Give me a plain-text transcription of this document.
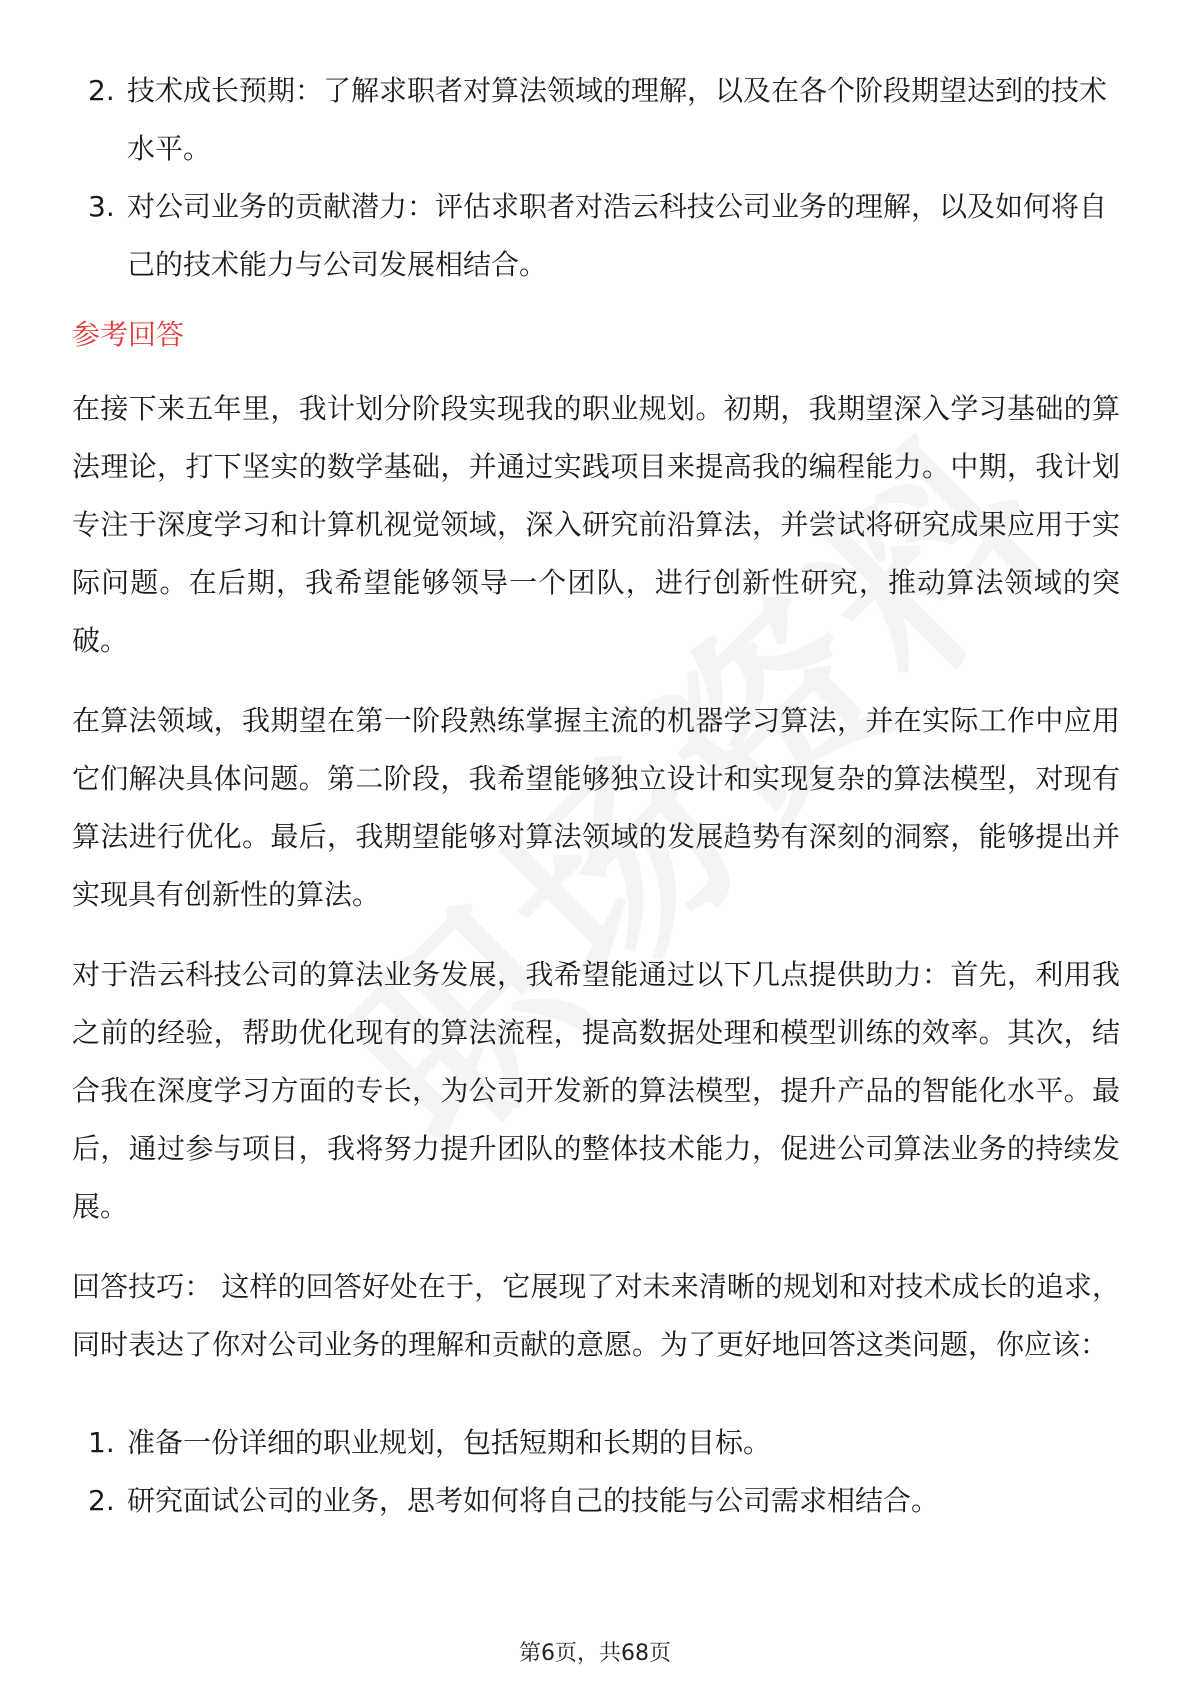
2. 技术成长预期：了解求职者对算法领域的理解，以及在各个阶段期望达到的技术水平。
3. 对公司业务的贡献潜力：评估求职者对浩云科技公司业务的理解，以及如何将自己的技术能力与公司发展相结合。
参考回答

在接下来五年里，我计划分阶段实现我的职业规划。初期，我期望深入学习基础的算法理论，打下坚实的数学基础，并通过实践项目来提高我的编程能力。中期，我计划专注于深度学习和计算机视觉领域，深入研究前沿算法，并尝试将研究成果应用于实际问题。在后期，我希望能够领导一个团队，进行创新性研究，推动算法领域的突破。

在算法领域，我期望在第一阶段熟练掌握主流的机器学习算法，并在实际工作中应用它们解决具体问题。第二阶段，我希望能够独立设计和实现复杂的算法模型，对现有算法进行优化。最后，我期望能够对算法领域的发展趋势有深刻的洞察，能够提出并实现具有创新性的算法。

对于浩云科技公司的算法业务发展，我希望能通过以下几点提供助力：首先，利用我之前的经验，帮助优化现有的算法流程，提高数据处理和模型训练的效率。其次，结合我在深度学习方面的专长，为公司开发新的算法模型，提升产品的智能化水平。最后，通过参与项目，我将努力提升团队的整体技术能力，促进公司算法业务的持续发展。

回答技巧： 这样的回答好处在于，它展现了对未来清晰的规划和对技术成长的追求，同时表达了你对公司业务的理解和贡献的意愿。为了更好地回答这类问题，你应该：

1. 准备一份详细的职业规划，包括短期和长期的目标。
2. 研究面试公司的业务，思考如何将自己的技能与公司需求相结合。
第6页，共68页
